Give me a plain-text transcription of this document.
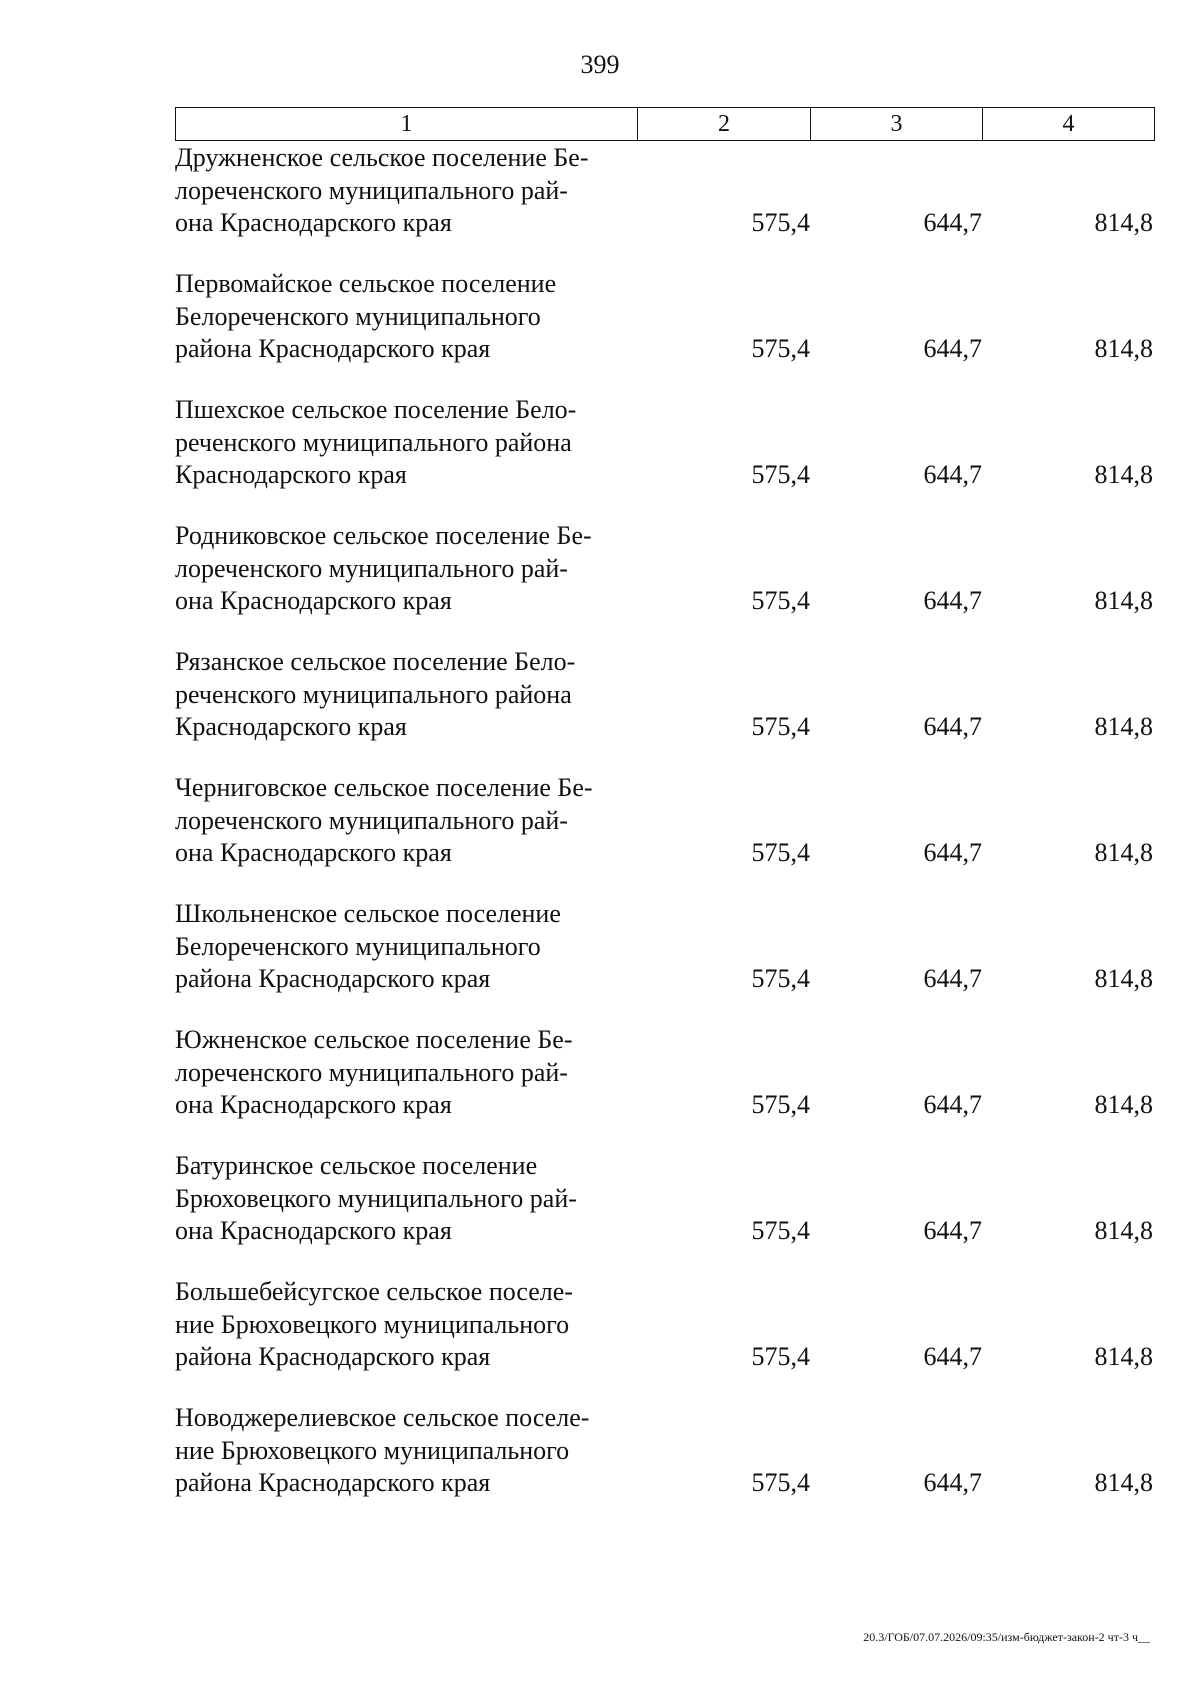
399
1	2	3	4
Дружненское сельское поселение Бе-
лореченского муниципального рай-
она Краснодарского края	575,4	644,7	814,8
Первомайское сельское поселение
Белореченского муниципального
района Краснодарского края	575,4	644,7	814,8
Пшехское сельское поселение Бело-
реченского муниципального района
Краснодарского края	575,4	644,7	814,8
Родниковское сельское поселение Бе-
лореченского муниципального рай-
она Краснодарского края	575,4	644,7	814,8
Рязанское сельское поселение Бело-
реченского муниципального района
Краснодарского края	575,4	644,7	814,8
Черниговское сельское поселение Бе-
лореченского муниципального рай-
она Краснодарского края	575,4	644,7	814,8
Школьненское сельское поселение
Белореченского муниципального
района Краснодарского края	575,4	644,7	814,8
Южненское сельское поселение Бе-
лореченского муниципального рай-
она Краснодарского края	575,4	644,7	814,8
Батуринское сельское поселение
Брюховецкого муниципального рай-
она Краснодарского края	575,4	644,7	814,8
Большебейсугское сельское поселе-
ние Брюховецкого муниципального
района Краснодарского края	575,4	644,7	814,8
Новоджерелиевское сельское поселе-
ние Брюховецкого муниципального
района Краснодарского края	575,4	644,7	814,8
20.3/ГОБ/07.07.2026/09:35/изм-бюджет-закон-2 чт-3 ч__
